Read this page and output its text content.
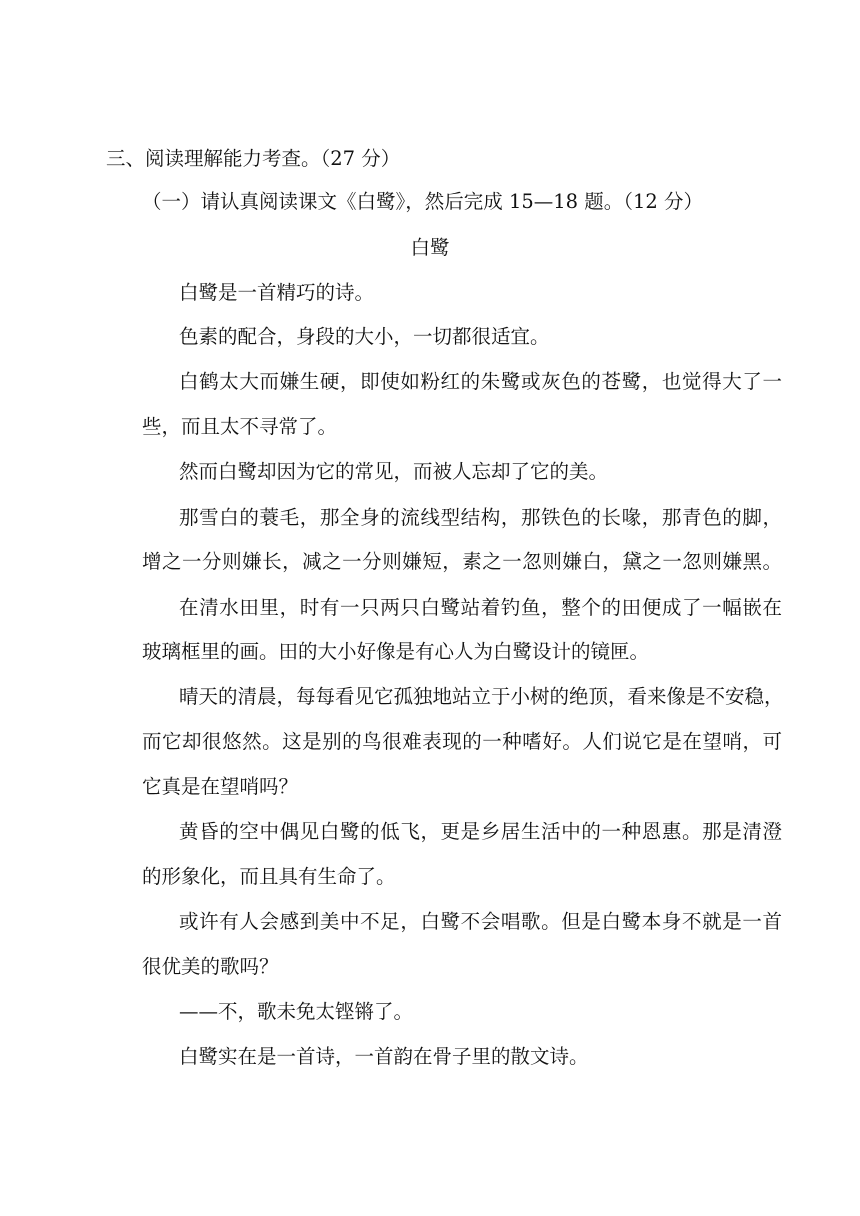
三、阅读理解能力考查。（27 分）
（一）请认真阅读课文《白鹭》，然后完成 15—18 题。（12 分）
白鹭
白鹭是一首精巧的诗。
色素的配合，身段的大小，一切都很适宜。
白鹤太大而嫌生硬，即使如粉红的朱鹭或灰色的苍鹭，也觉得大了一
些，而且太不寻常了。
然而白鹭却因为它的常见，而被人忘却了它的美。
那雪白的蓑毛，那全身的流线型结构，那铁色的长喙，那青色的脚，
增之一分则嫌长，减之一分则嫌短，素之一忽则嫌白，黛之一忽则嫌黑。
在清水田里，时有一只两只白鹭站着钓鱼，整个的田便成了一幅嵌在
玻璃框里的画。田的大小好像是有心人为白鹭设计的镜匣。
晴天的清晨，每每看见它孤独地站立于小树的绝顶，看来像是不安稳，
而它却很悠然。这是别的鸟很难表现的一种嗜好。人们说它是在望哨，可
它真是在望哨吗？
黄昏的空中偶见白鹭的低飞，更是乡居生活中的一种恩惠。那是清澄
的形象化，而且具有生命了。
或许有人会感到美中不足，白鹭不会唱歌。但是白鹭本身不就是一首
很优美的歌吗？
——不，歌未免太铿锵了。
白鹭实在是一首诗，一首韵在骨子里的散文诗。
